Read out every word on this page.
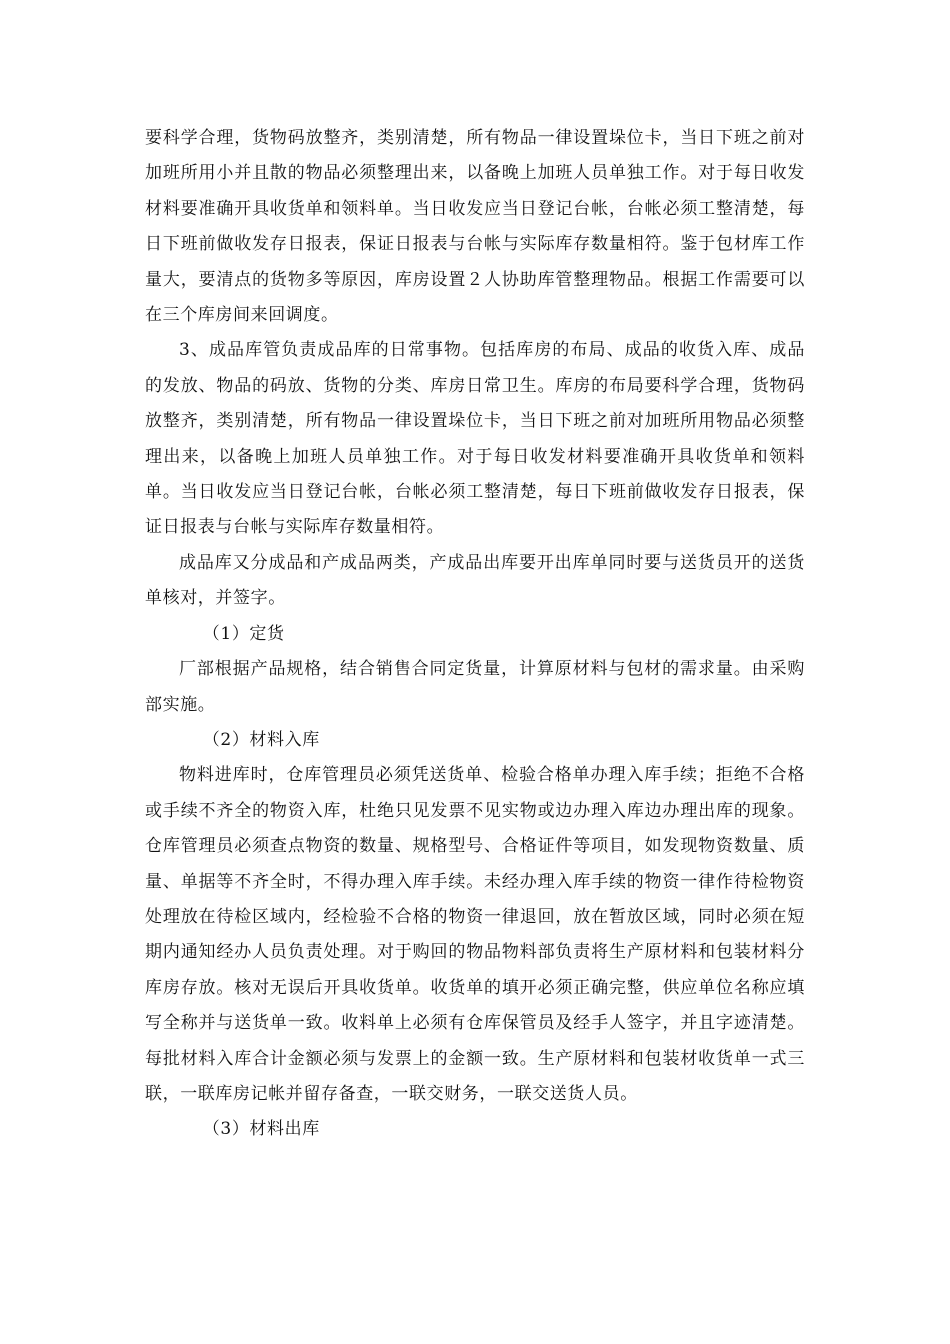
要科学合理，货物码放整齐，类别清楚，所有物品一律设置垛位卡，当日下班之前对加班所用小并且散的物品必须整理出来，以备晚上加班人员单独工作。对于每日收发材料要准确开具收货单和领料单。当日收发应当日登记台帐，台帐必须工整清楚，每日下班前做收发存日报表，保证日报表与台帐与实际库存数量相符。鉴于包材库工作量大，要清点的货物多等原因，库房设置２人协助库管整理物品。根据工作需要可以在三个库房间来回调度。

3、成品库管负责成品库的日常事物。包括库房的布局、成品的收货入库、成品的发放、物品的码放、货物的分类、库房日常卫生。库房的布局要科学合理，货物码放整齐，类别清楚，所有物品一律设置垛位卡，当日下班之前对加班所用物品必须整理出来，以备晚上加班人员单独工作。对于每日收发材料要准确开具收货单和领料单。当日收发应当日登记台帐，台帐必须工整清楚，每日下班前做收发存日报表，保证日报表与台帐与实际库存数量相符。

成品库又分成品和产成品两类，产成品出库要开出库单同时要与送货员开的送货单核对，并签字。

（1）定货

厂部根据产品规格，结合销售合同定货量，计算原材料与包材的需求量。由采购部实施。

（2）材料入库

物料进库时，仓库管理员必须凭送货单、检验合格单办理入库手续；拒绝不合格或手续不齐全的物资入库，杜绝只见发票不见实物或边办理入库边办理出库的现象。仓库管理员必须查点物资的数量、规格型号、合格证件等项目，如发现物资数量、质量、单据等不齐全时，不得办理入库手续。未经办理入库手续的物资一律作待检物资处理放在待检区域内，经检验不合格的物资一律退回，放在暂放区域，同时必须在短期内通知经办人员负责处理。对于购回的物品物料部负责将生产原材料和包装材料分库房存放。核对无误后开具收货单。收货单的填开必须正确完整，供应单位名称应填写全称并与送货单一致。收料单上必须有仓库保管员及经手人签字，并且字迹清楚。每批材料入库合计金额必须与发票上的金额一致。生产原材料和包装材收货单一式三联，一联库房记帐并留存备查，一联交财务，一联交送货人员。

（3）材料出库
